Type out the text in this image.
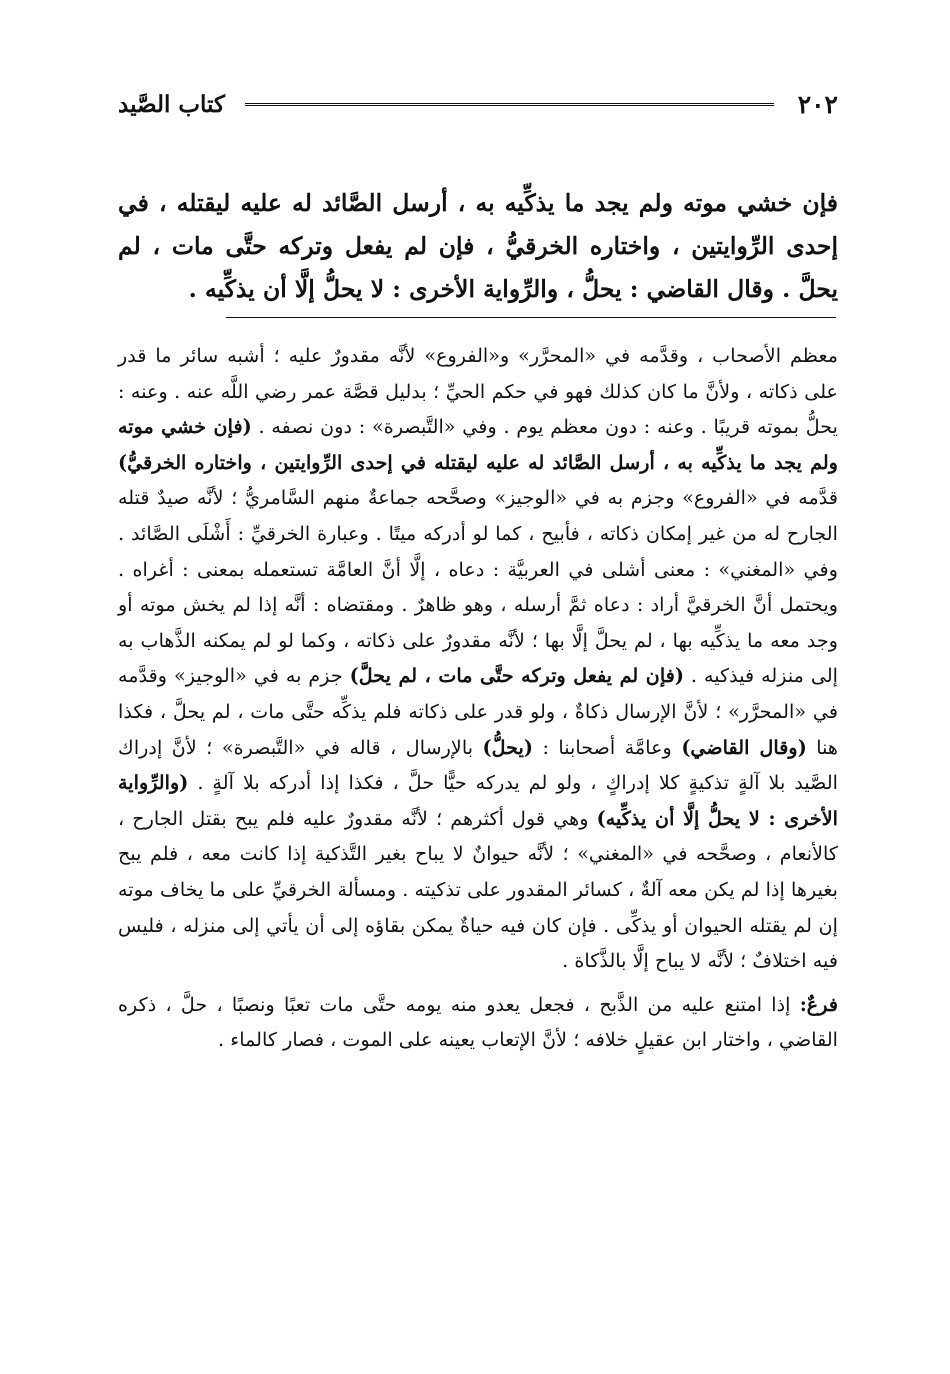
٢٠٢
كتاب الصَّيد
فإن خشي موته ولم يجد ما يذكِّيه به ، أرسل الصَّائد له عليه ليقتله ، في إحدى الرِّوايتين ، واختاره الخرقيُّ ، فإن لم يفعل وتركه حتَّى مات ، لم يحلَّ . وقال القاضي : يحلُّ ، والرِّواية الأخرى : لا يحلُّ إلَّا أن يذكِّيه .
معظم الأصحاب ، وقدَّمه في «المحرَّر» و«الفروع» لأنَّه مقدورٌ عليه ؛ أشبه سائر ما قدر على ذكاته ، ولأنَّ ما كان كذلك فهو في حكم الحيِّ ؛ بدليل قصَّة عمر رضي اللَّه عنه . وعنه : يحلُّ بموته قريبًا . وعنه : دون معظم يوم . وفي «التَّبصرة» : دون نصفه . (فإن خشي موته ولم يجد ما يذكِّيه به ، أرسل الصَّائد له عليه ليقتله في إحدى الرِّوايتين ، واختاره الخرقيُّ) قدَّمه في «الفروع» وجزم به في «الوجيز» وصحَّحه جماعةٌ منهم السَّامريُّ ؛ لأنَّه صيدٌ قتله الجارح له من غير إمكان ذكاته ، فأبيح ، كما لو أدركه ميتًا . وعبارة الخرقيِّ : أَشْلَى الصَّائد . وفي «المغني» : معنى أشلى في العربيَّة : دعاه ، إلَّا أنَّ العامَّة تستعمله بمعنى : أغراه . ويحتمل أنَّ الخرقيَّ أراد : دعاه ثمَّ أرسله ، وهو ظاهرٌ . ومقتضاه : أنَّه إذا لم يخش موته أو وجد معه ما يذكِّيه بها ، لم يحلَّ إلَّا بها ؛ لأنَّه مقدورٌ على ذكاته ، وكما لو لم يمكنه الذَّهاب به إلى منزله فيذكيه . (فإن لم يفعل وتركه حتَّى مات ، لم يحلَّ) جزم به في «الوجيز» وقدَّمه في «المحرَّر» ؛ لأنَّ الإرسال ذكاةٌ ، ولو قدر على ذكاته فلم يذكِّه حتَّى مات ، لم يحلَّ ، فكذا هنا (وقال القاضي) وعامَّة أصحابنا : (يحلُّ) بالإرسال ، قاله في «التَّبصرة» ؛ لأنَّ إدراك الصَّيد بلا آلةٍ تذكيةٍ كلا إدراكٍ ، ولو لم يدركه حيًّا حلَّ ، فكذا إذا أدركه بلا آلةٍ . (والرِّواية الأخرى : لا يحلُّ إلَّا أن يذكِّيه) وهي قول أكثرهم ؛ لأنَّه مقدورٌ عليه فلم يبح بقتل الجارح ، كالأنعام ، وصحَّحه في «المغني» ؛ لأنَّه حيوانٌ لا يباح بغير التَّذكية إذا كانت معه ، فلم يبح بغيرها إذا لم يكن معه آلةٌ ، كسائر المقدور على تذكيته . ومسألة الخرقيِّ على ما يخاف موته إن لم يقتله الحيوان أو يذكِّى . فإن كان فيه حياةٌ يمكن بقاؤه إلى أن يأتي إلى منزله ، فليس فيه اختلافٌ ؛ لأنَّه لا يباح إلَّا بالذَّكاة .
فرعٌ: إذا امتنع عليه من الذَّبح ، فجعل يعدو منه يومه حتَّى مات تعبًا ونصبًا ، حلَّ ، ذكره القاضي ، واختار ابن عقيلٍ خلافه ؛ لأنَّ الإتعاب يعينه على الموت ، فصار كالماء .
